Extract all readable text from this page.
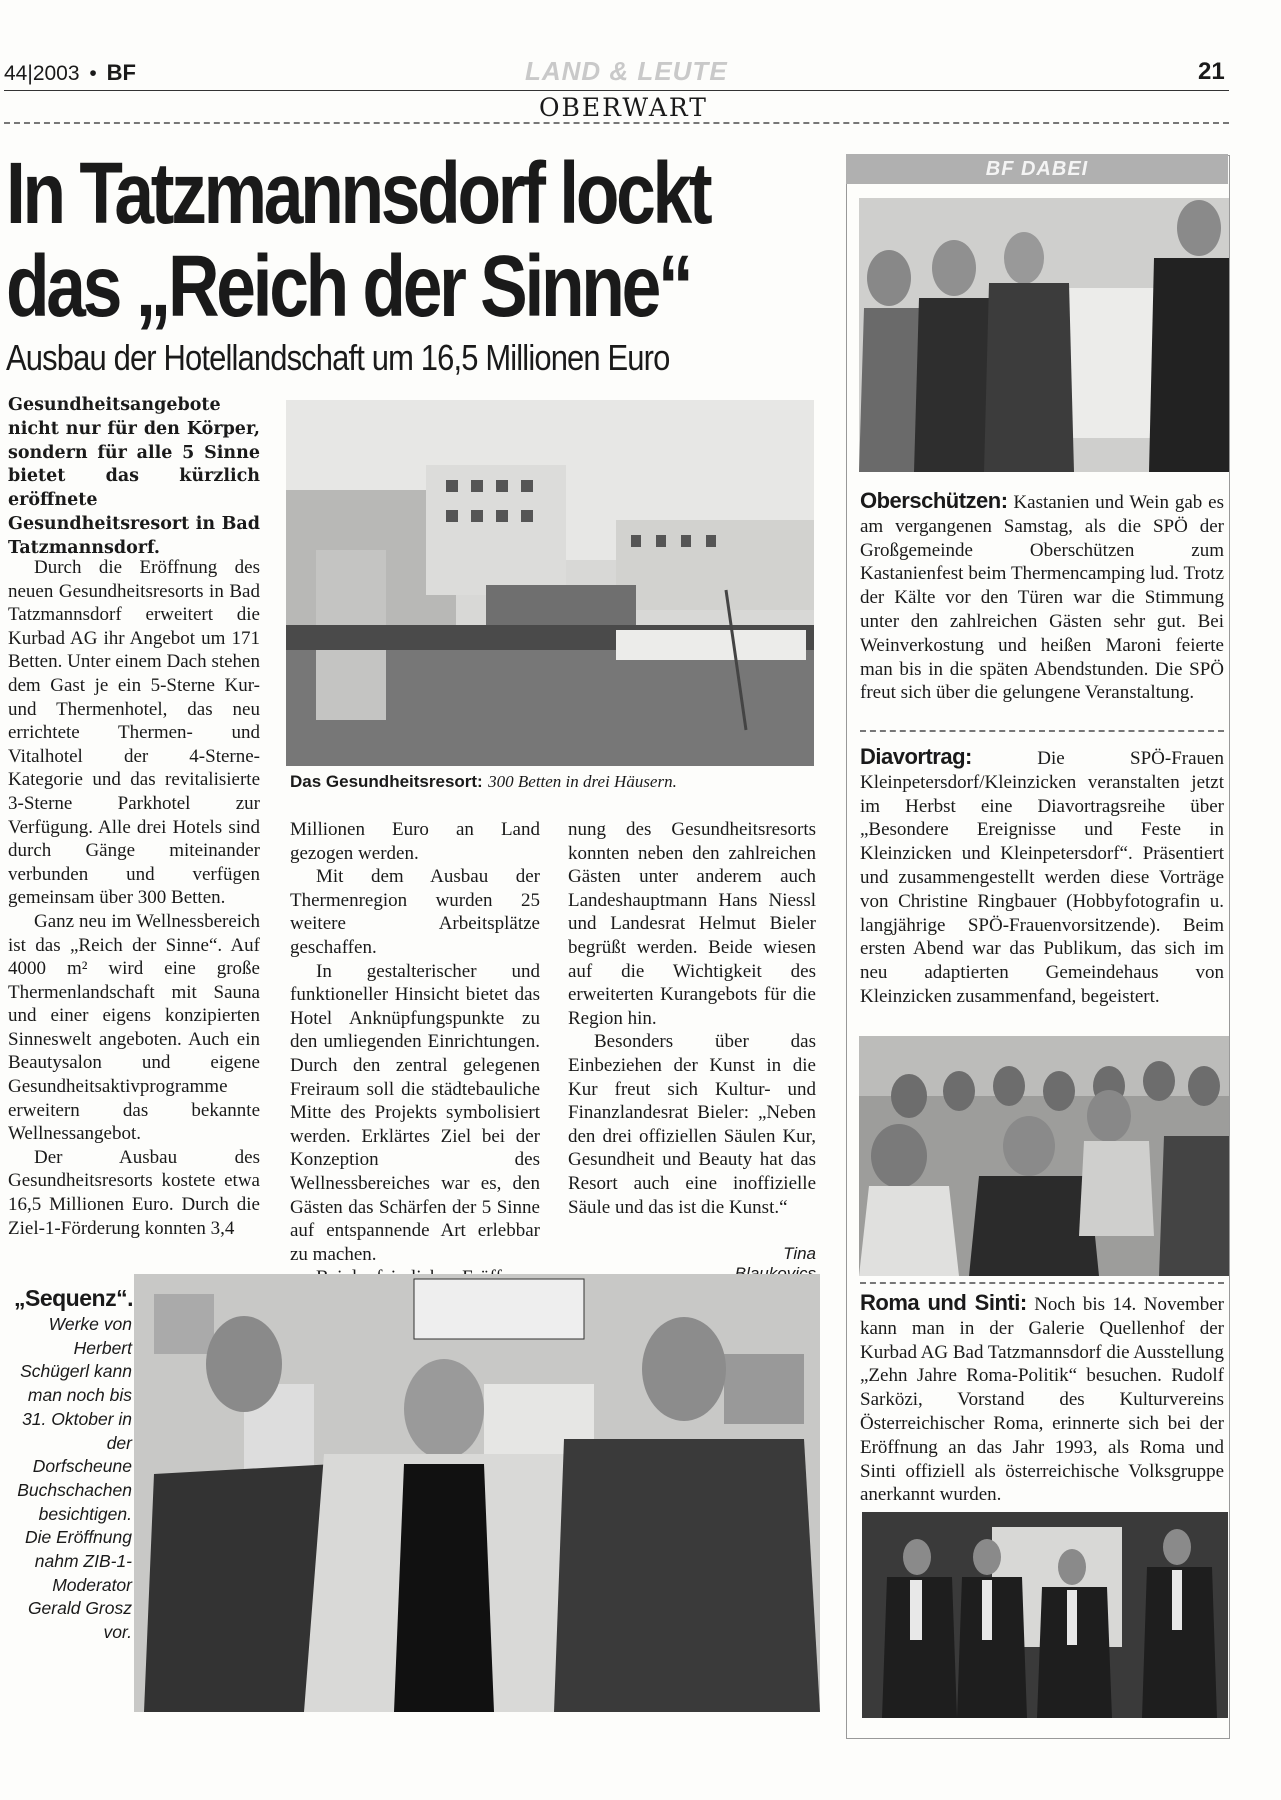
44|2003 • BF	LAND & LEUTE	21
OBERWART
In Tatzmannsdorf lockt
das „Reich der Sinne“
Ausbau der Hotellandschaft um 16,5 Millionen Euro
Gesundheitsangebote nicht nur für den Körper, sondern für alle 5 Sinne bietet das kürzlich eröffnete Gesundheitsresort in Bad Tatzmannsdorf.
Das Gesundheitsresort: 300 Betten in drei Häusern.

Durch die Eröffnung des neuen Gesundheitsresorts in Bad Tatzmannsdorf erweitert die Kurbad AG ihr Angebot um 171 Betten. Unter einem Dach stehen dem Gast je ein 5-Sterne Kur- und Thermenhotel, das neu errichtete Thermen- und Vitalhotel der 4-Sterne-Kategorie und das revitalisierte 3-Sterne Parkhotel zur Verfügung. Alle drei Hotels sind durch Gänge miteinander verbunden und verfügen gemeinsam über 300 Betten.

Ganz neu im Wellnessbereich ist das „Reich der Sinne“. Auf 4000 m² wird eine große Thermenlandschaft mit Sauna und einer eigens konzipierten Sinneswelt angeboten. Auch ein Beautysalon und eigene Gesundheitsaktivprogramme erweitern das bekannte Wellnessangebot.

Der Ausbau des Gesundheitsresorts kostete etwa 16,5 Millionen Euro. Durch die Ziel-1-Förderung konnten 3,4

Millionen Euro an Land gezogen werden.

Mit dem Ausbau der Thermenregion wurden 25 weitere Arbeitsplätze geschaffen.

In gestalterischer und funktioneller Hinsicht bietet das Hotel Anknüpfungspunkte zu den umliegenden Einrichtungen. Durch den zentral gelegenen Freiraum soll die städtebauliche Mitte des Projekts symbolisiert werden. Erklärtes Ziel bei der Konzeption des Wellnessbereiches war es, den Gästen das Schärfen der 5 Sinne auf entspannende Art erlebbar zu machen.

nung des Gesundheitsresorts konnten neben den zahlreichen Gästen unter anderem auch Landeshauptmann Hans Niessl und Landesrat Helmut Bieler begrüßt werden. Beide wiesen auf die Wichtigkeit des erweiterten Kurangebots für die Region hin.

Besonders über das Einbeziehen der Kunst in die Kur freut sich Kultur- und Finanzlandesrat Bieler: „Neben den drei offiziellen Säulen Kur, Gesundheit und Beauty hat das Resort auch eine inoffizielle Säule und das ist die Kunst.“

Tina
„Sequenz“.
Werke von Herbert Schügerl kann man noch bis 31. Oktober in der Dorfscheune Buchschachen besichtigen. Die Eröffnung nahm ZIB-1-Moderator Gerald Grosz vor.
BF DABEI

Oberschützen: Kastanien und Wein gab es am vergangenen Samstag, als die SPÖ der Großgemeinde Oberschützen zum Kastanienfest beim Thermencamping lud. Trotz der Kälte vor den Türen war die Stimmung unter den zahlreichen Gästen sehr gut. Bei Weinverkostung und heißen Maroni feierte man bis in die späten Abendstunden. Die SPÖ freut sich über die gelungene Veranstaltung.

Diavortrag:	Die SPÖ-Frauen Kleinpetersdorf/Kleinzicken veranstalten jetzt im Herbst eine Diavortragsreihe über „Besondere Ereignisse und Feste in Kleinzicken und Kleinpetersdorf“. Präsentiert und zusammengestellt werden diese Vorträge von Christine Ringbauer (Hobbyfotografin u. langjährige SPÖ-Frauenvorsitzende). Beim ersten Abend war das Publikum, das sich im neu adaptierten Gemeindehaus von Kleinzicken zusammenfand, begeistert.

Roma und Sinti: Noch bis 14. November kann man in der Galerie Quellenhof der Kurbad AG Bad Tatzmannsdorf die Ausstellung „Zehn Jahre Roma-Politik“ besuchen. Rudolf Sarközi, Vorstand des Kulturvereins Österreichischer Roma, erinnerte sich bei der Eröffnung an das Jahr 1993, als Roma und Sinti offiziell als österreichische Volksgruppe anerkannt wurden.
